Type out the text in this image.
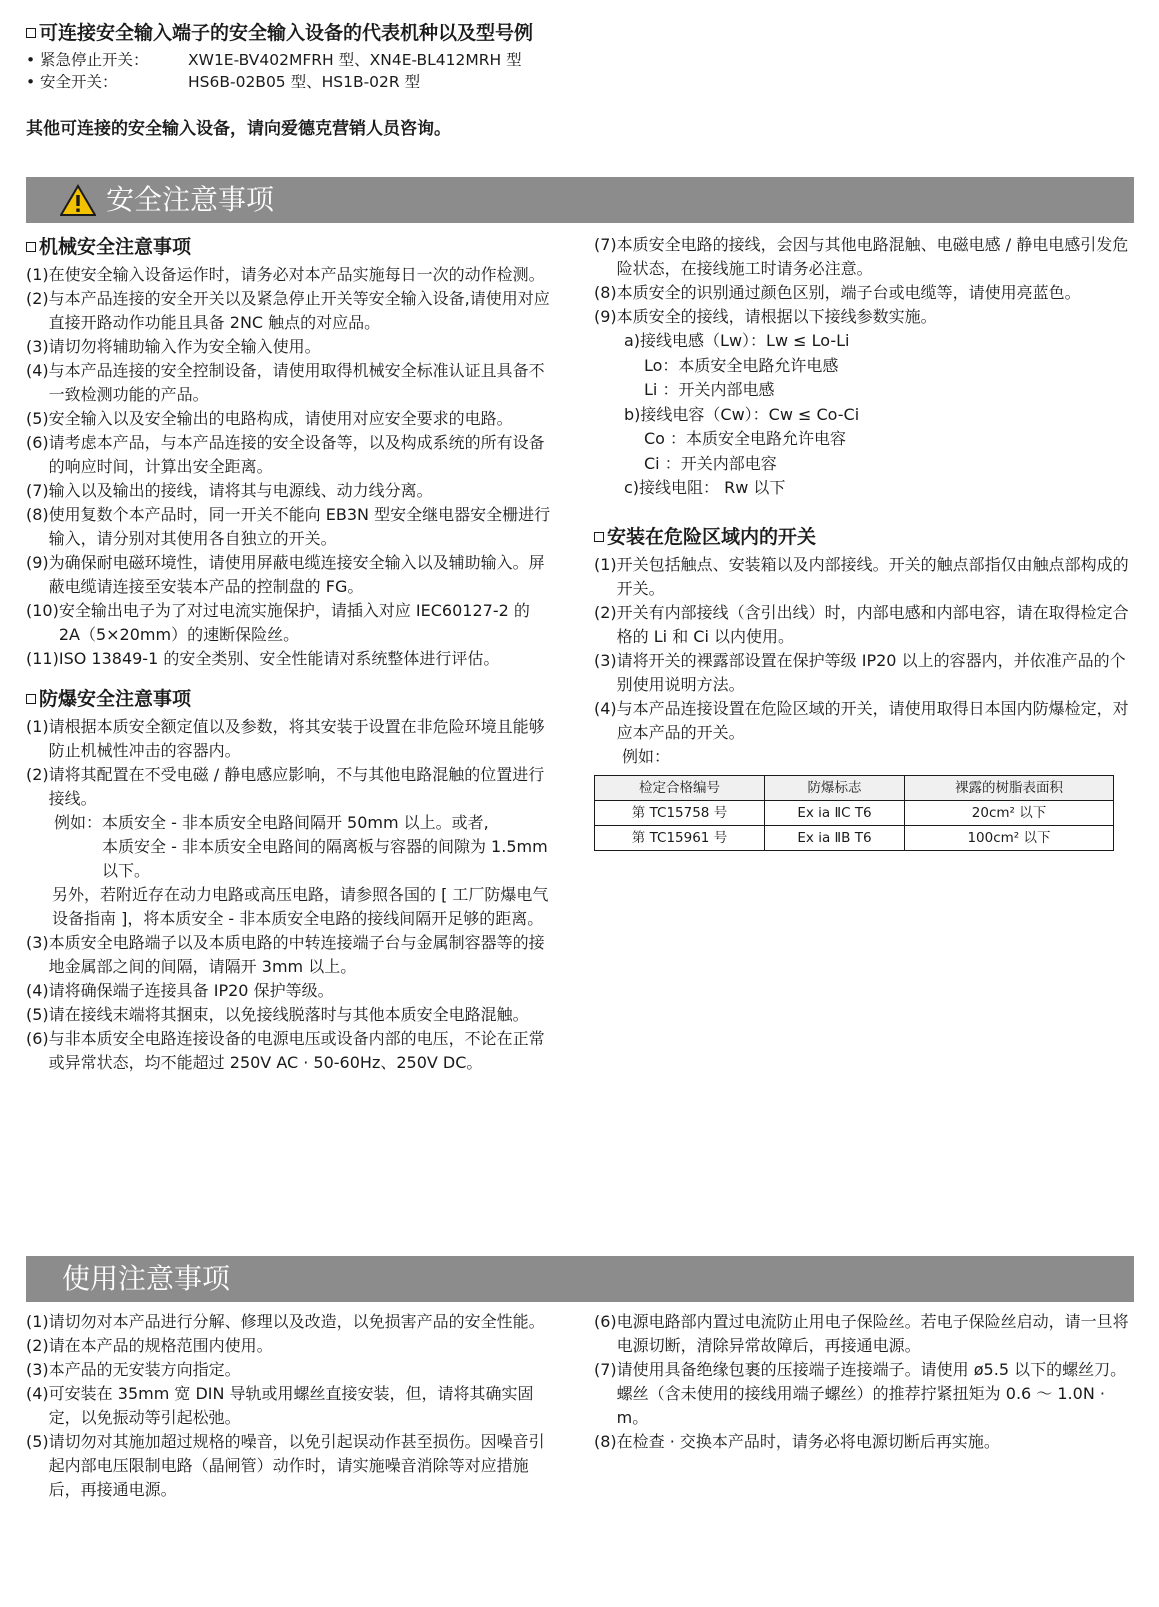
可连接安全输入端子的安全输入设备的代表机种以及型号例
• 紧急停止开关：	XW1E-BV402MFRH 型、XN4E-BL412MRH 型
• 安全开关：	HS6B-02B05 型、HS1B-02R 型
其他可连接的安全输入设备，请向爱德克营销人员咨询。
安全注意事项
机械安全注意事项
(1) 在使安全输入设备运作时，请务必对本产品实施每日一次的动作检测。
(2) 与本产品连接的安全开关以及紧急停止开关等安全输入设备,请使用对应直接开路动作功能且具备 2NC 触点的对应品。
(3) 请切勿将辅助输入作为安全输入使用。
(4) 与本产品连接的安全控制设备，请使用取得机械安全标准认证且具备不一致检测功能的产品。
(5) 安全输入以及安全输出的电路构成，请使用对应安全要求的电路。
(6) 请考虑本产品，与本产品连接的安全设备等，以及构成系统的所有设备的响应时间，计算出安全距离。
(7) 输入以及输出的接线，请将其与电源线、动力线分离。
(8) 使用复数个本产品时，同一开关不能向 EB3N 型安全继电器安全栅进行输入，请分别对其使用各自独立的开关。
(9) 为确保耐电磁环境性，请使用屏蔽电缆连接安全输入以及辅助输入。屏蔽电缆请连接至安装本产品的控制盘的 FG。
(10) 安全输出电子为了对过电流实施保护，请插入对应 IEC60127-2 的 2A（5×20mm）的速断保险丝。
(11) ISO 13849-1 的安全类别、安全性能请对系统整体进行评估。
防爆安全注意事项
(1) 请根据本质安全额定值以及参数，将其安装于设置在非危险环境且能够防止机械性冲击的容器内。
(2) 请将其配置在不受电磁 / 静电感应影响，不与其他电路混触的位置进行接线。
例如： 本质安全 - 非本质安全电路间隔开 50mm 以上。或者,
本质安全 - 非本质安全电路间的隔离板与容器的间隙为 1.5mm 以下。
另外，若附近存在动力电路或高压电路，请参照各国的 [ 工厂防爆电气设备指南 ]，将本质安全 - 非本质安全电路的接线间隔开足够的距离。
(3) 本质安全电路端子以及本质电路的中转连接端子台与金属制容器等的接地金属部之间的间隔，请隔开 3mm 以上。
(4) 请将确保端子连接具备 IP20 保护等级。
(5) 请在接线末端将其捆束，以免接线脱落时与其他本质安全电路混触。
(6) 与非本质安全电路连接设备的电源电压或设备内部的电压，不论在正常或异常状态，均不能超过 250V AC · 50-60Hz、250V DC。
(7) 本质安全电路的接线，会因与其他电路混触、电磁电感 / 静电电感引发危险状态，在接线施工时请务必注意。
(8) 本质安全的识别通过颜色区别，端子台或电缆等，请使用亮蓝色。
(9) 本质安全的接线，请根据以下接线参数实施。
a)接线电感（Lw）：Lw ≤ Lo-Li
Lo：本质安全电路允许电感
Li ：开关内部电感
b)接线电容（Cw）：Cw ≤ Co-Ci
Co ：本质安全电路允许电容
Ci ：开关内部电容
c)接线电阻： Rw 以下
安装在危险区域内的开关
(1) 开关包括触点、安装箱以及内部接线。开关的触点部指仅由触点部构成的开关。
(2) 开关有内部接线（含引出线）时，内部电感和内部电容，请在取得检定合格的 Li 和 Ci 以内使用。
(3) 请将开关的裸露部设置在保护等级 IP20 以上的容器内，并依准产品的个别使用说明方法。
(4) 与本产品连接设置在危险区域的开关，请使用取得日本国内防爆检定，对应本产品的开关。
例如：
检定合格编号	防爆标志	裸露的树脂表面积
第 TC15758 号	Ex ia ⅡC T6	20cm² 以下
第 TC15961 号	Ex ia ⅡB T6	100cm² 以下
使用注意事项
(1) 请切勿对本产品进行分解、修理以及改造，以免损害产品的安全性能。
(2) 请在本产品的规格范围内使用。
(3) 本产品的无安装方向指定。
(4) 可安装在 35mm 宽 DIN 导轨或用螺丝直接安装，但，请将其确实固定，以免振动等引起松弛。
(5) 请切勿对其施加超过规格的噪音，以免引起误动作甚至损伤。因噪音引起内部电压限制电路（晶闸管）动作时，请实施噪音消除等对应措施后，再接通电源。
(6) 电源电路部内置过电流防止用电子保险丝。若电子保险丝启动，请一旦将电源切断，清除异常故障后，再接通电源。
(7) 请使用具备绝缘包裹的压接端子连接端子。请使用 ø5.5 以下的螺丝刀。螺丝（含未使用的接线用端子螺丝）的推荐拧紧扭矩为 0.6 ～ 1.0N · m。
(8) 在检查 · 交换本产品时，请务必将电源切断后再实施。
